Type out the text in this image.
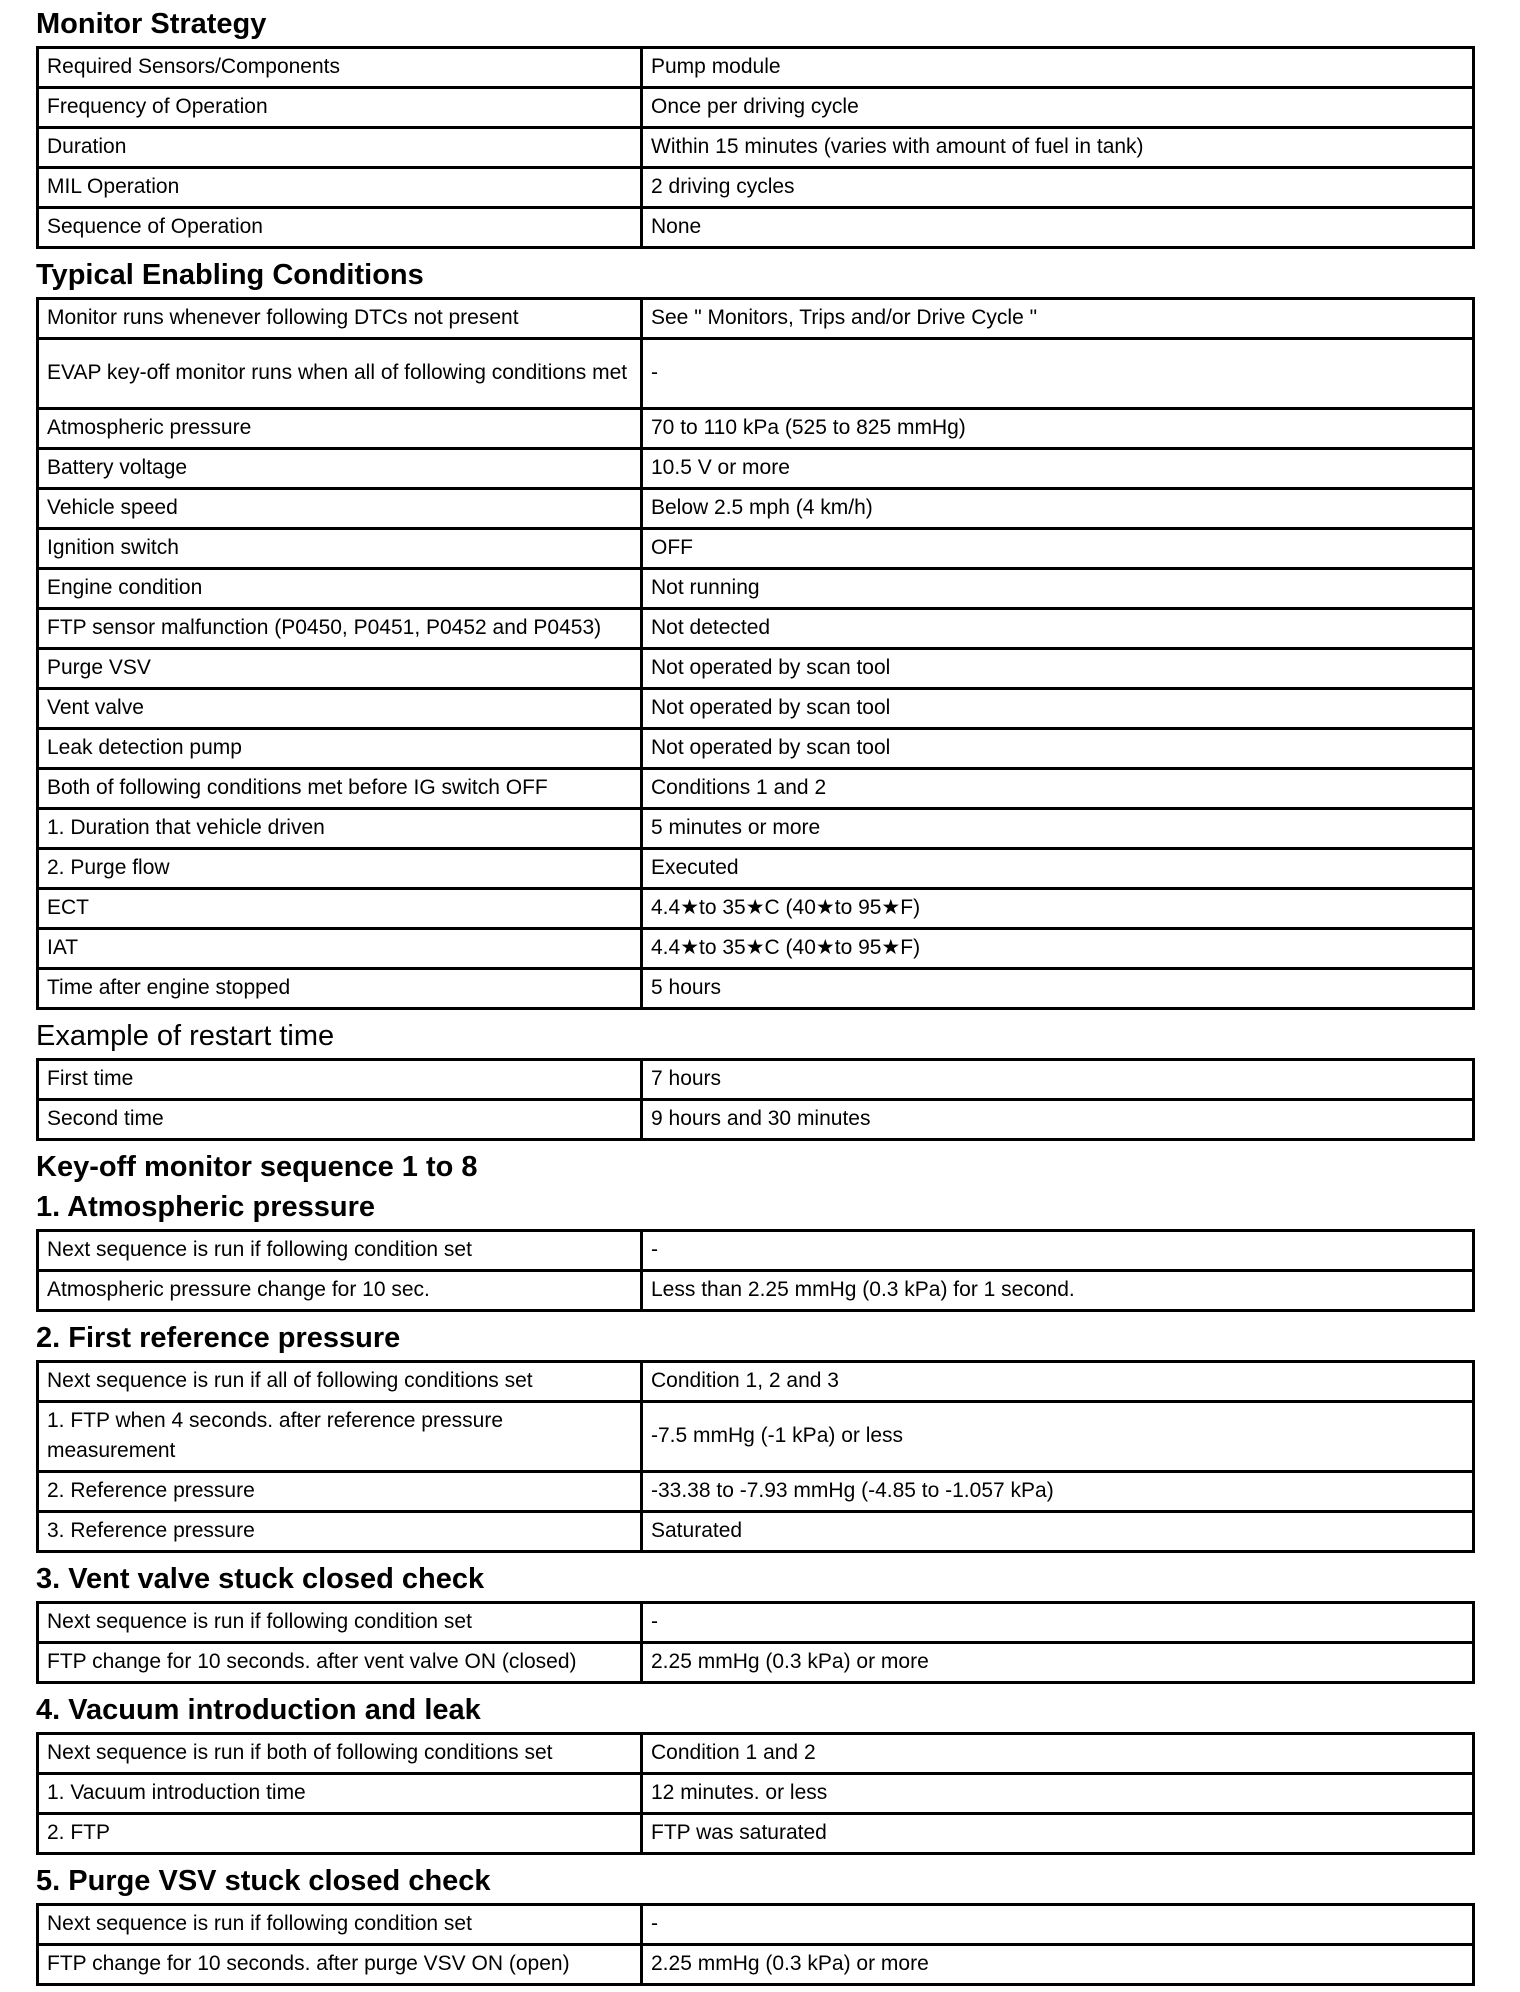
Monitor Strategy
Required Sensors/Components	Pump module
Frequency of Operation	Once per driving cycle
Duration	Within 15 minutes (varies with amount of fuel in tank)
MIL Operation	2 driving cycles
Sequence of Operation	None
Typical Enabling Conditions
Monitor runs whenever following DTCs not present	See " Monitors, Trips and/or Drive Cycle "
EVAP key-off monitor runs when all of following conditions met	-
Atmospheric pressure	70 to 110 kPa (525 to 825 mmHg)
Battery voltage	10.5 V or more
Vehicle speed	Below 2.5 mph (4 km/h)
Ignition switch	OFF
Engine condition	Not running
FTP sensor malfunction (P0450, P0451, P0452 and P0453)	Not detected
Purge VSV	Not operated by scan tool
Vent valve	Not operated by scan tool
Leak detection pump	Not operated by scan tool
Both of following conditions met before IG switch OFF	Conditions 1 and 2
1. Duration that vehicle driven	5 minutes or more
2. Purge flow	Executed
ECT	4.4★to 35★C (40★to 95★F)
IAT	4.4★to 35★C (40★to 95★F)
Time after engine stopped	5 hours
Example of restart time
First time	7 hours
Second time	9 hours and 30 minutes
Key-off monitor sequence 1 to 8
1. Atmospheric pressure
Next sequence is run if following condition set	-
Atmospheric pressure change for 10 sec.	Less than 2.25 mmHg (0.3 kPa) for 1 second.
2. First reference pressure
Next sequence is run if all of following conditions set	Condition 1, 2 and 3
1. FTP when 4 seconds. after reference pressure measurement	-7.5 mmHg (-1 kPa) or less
2. Reference pressure	-33.38 to -7.93 mmHg (-4.85 to -1.057 kPa)
3. Reference pressure	Saturated
3. Vent valve stuck closed check
Next sequence is run if following condition set	-
FTP change for 10 seconds. after vent valve ON (closed)	2.25 mmHg (0.3 kPa) or more
4. Vacuum introduction and leak
Next sequence is run if both of following conditions set	Condition 1 and 2
1. Vacuum introduction time	12 minutes. or less
2. FTP	FTP was saturated
5. Purge VSV stuck closed check
Next sequence is run if following condition set	-
FTP change for 10 seconds. after purge VSV ON (open)	2.25 mmHg (0.3 kPa) or more
